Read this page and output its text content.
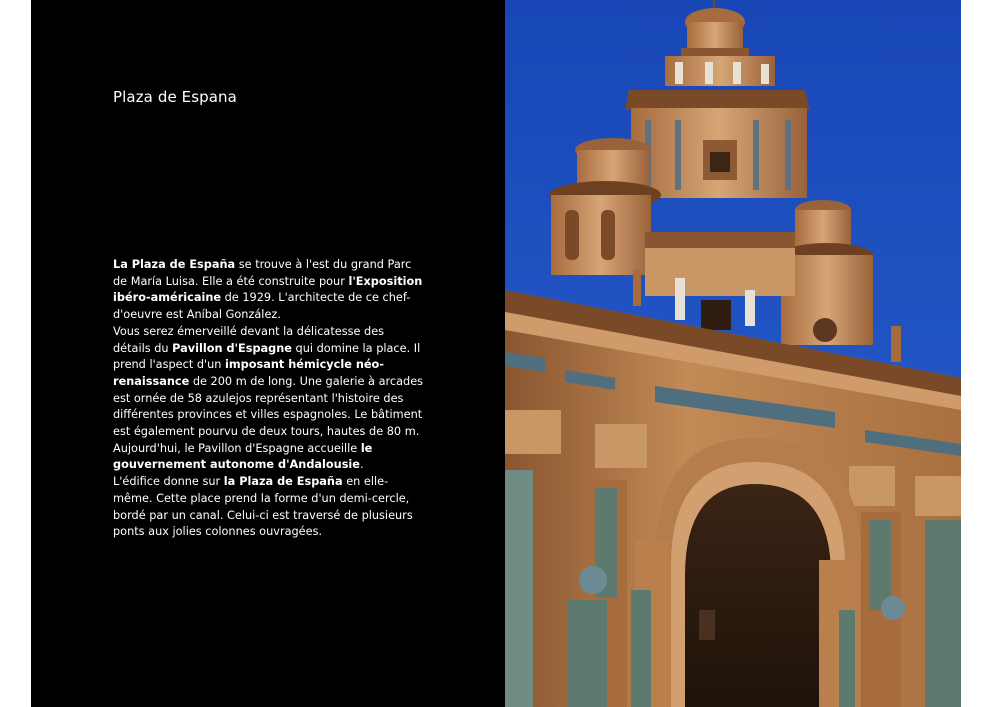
Plaza de Espana

La Plaza de España se trouve à l'est du grand Parc de María Luisa. Elle a été construite pour l'Exposition ibéro-américaine de 1929. L'architecte de ce chef-d'oeuvre est Aníbal González.

Vous serez émerveillé devant la délicatesse des détails du Pavillon d'Espagne qui domine la place. Il prend l'aspect d'un imposant hémicycle néo-renaissance de 200 m de long. Une galerie à arcades est ornée de 58 azulejos représentant l'histoire des différentes provinces et villes espagnoles. Le bâtiment est également pourvu de deux tours, hautes de 80 m. Aujourd'hui, le Pavillon d'Espagne accueille le gouvernement autonome d'Andalousie.

L'édifice donne sur la Plaza de España en elle-même. Cette place prend la forme d'un demi-cercle, bordé par un canal. Celui-ci est traversé de plusieurs ponts aux jolies colonnes ouvragées.
